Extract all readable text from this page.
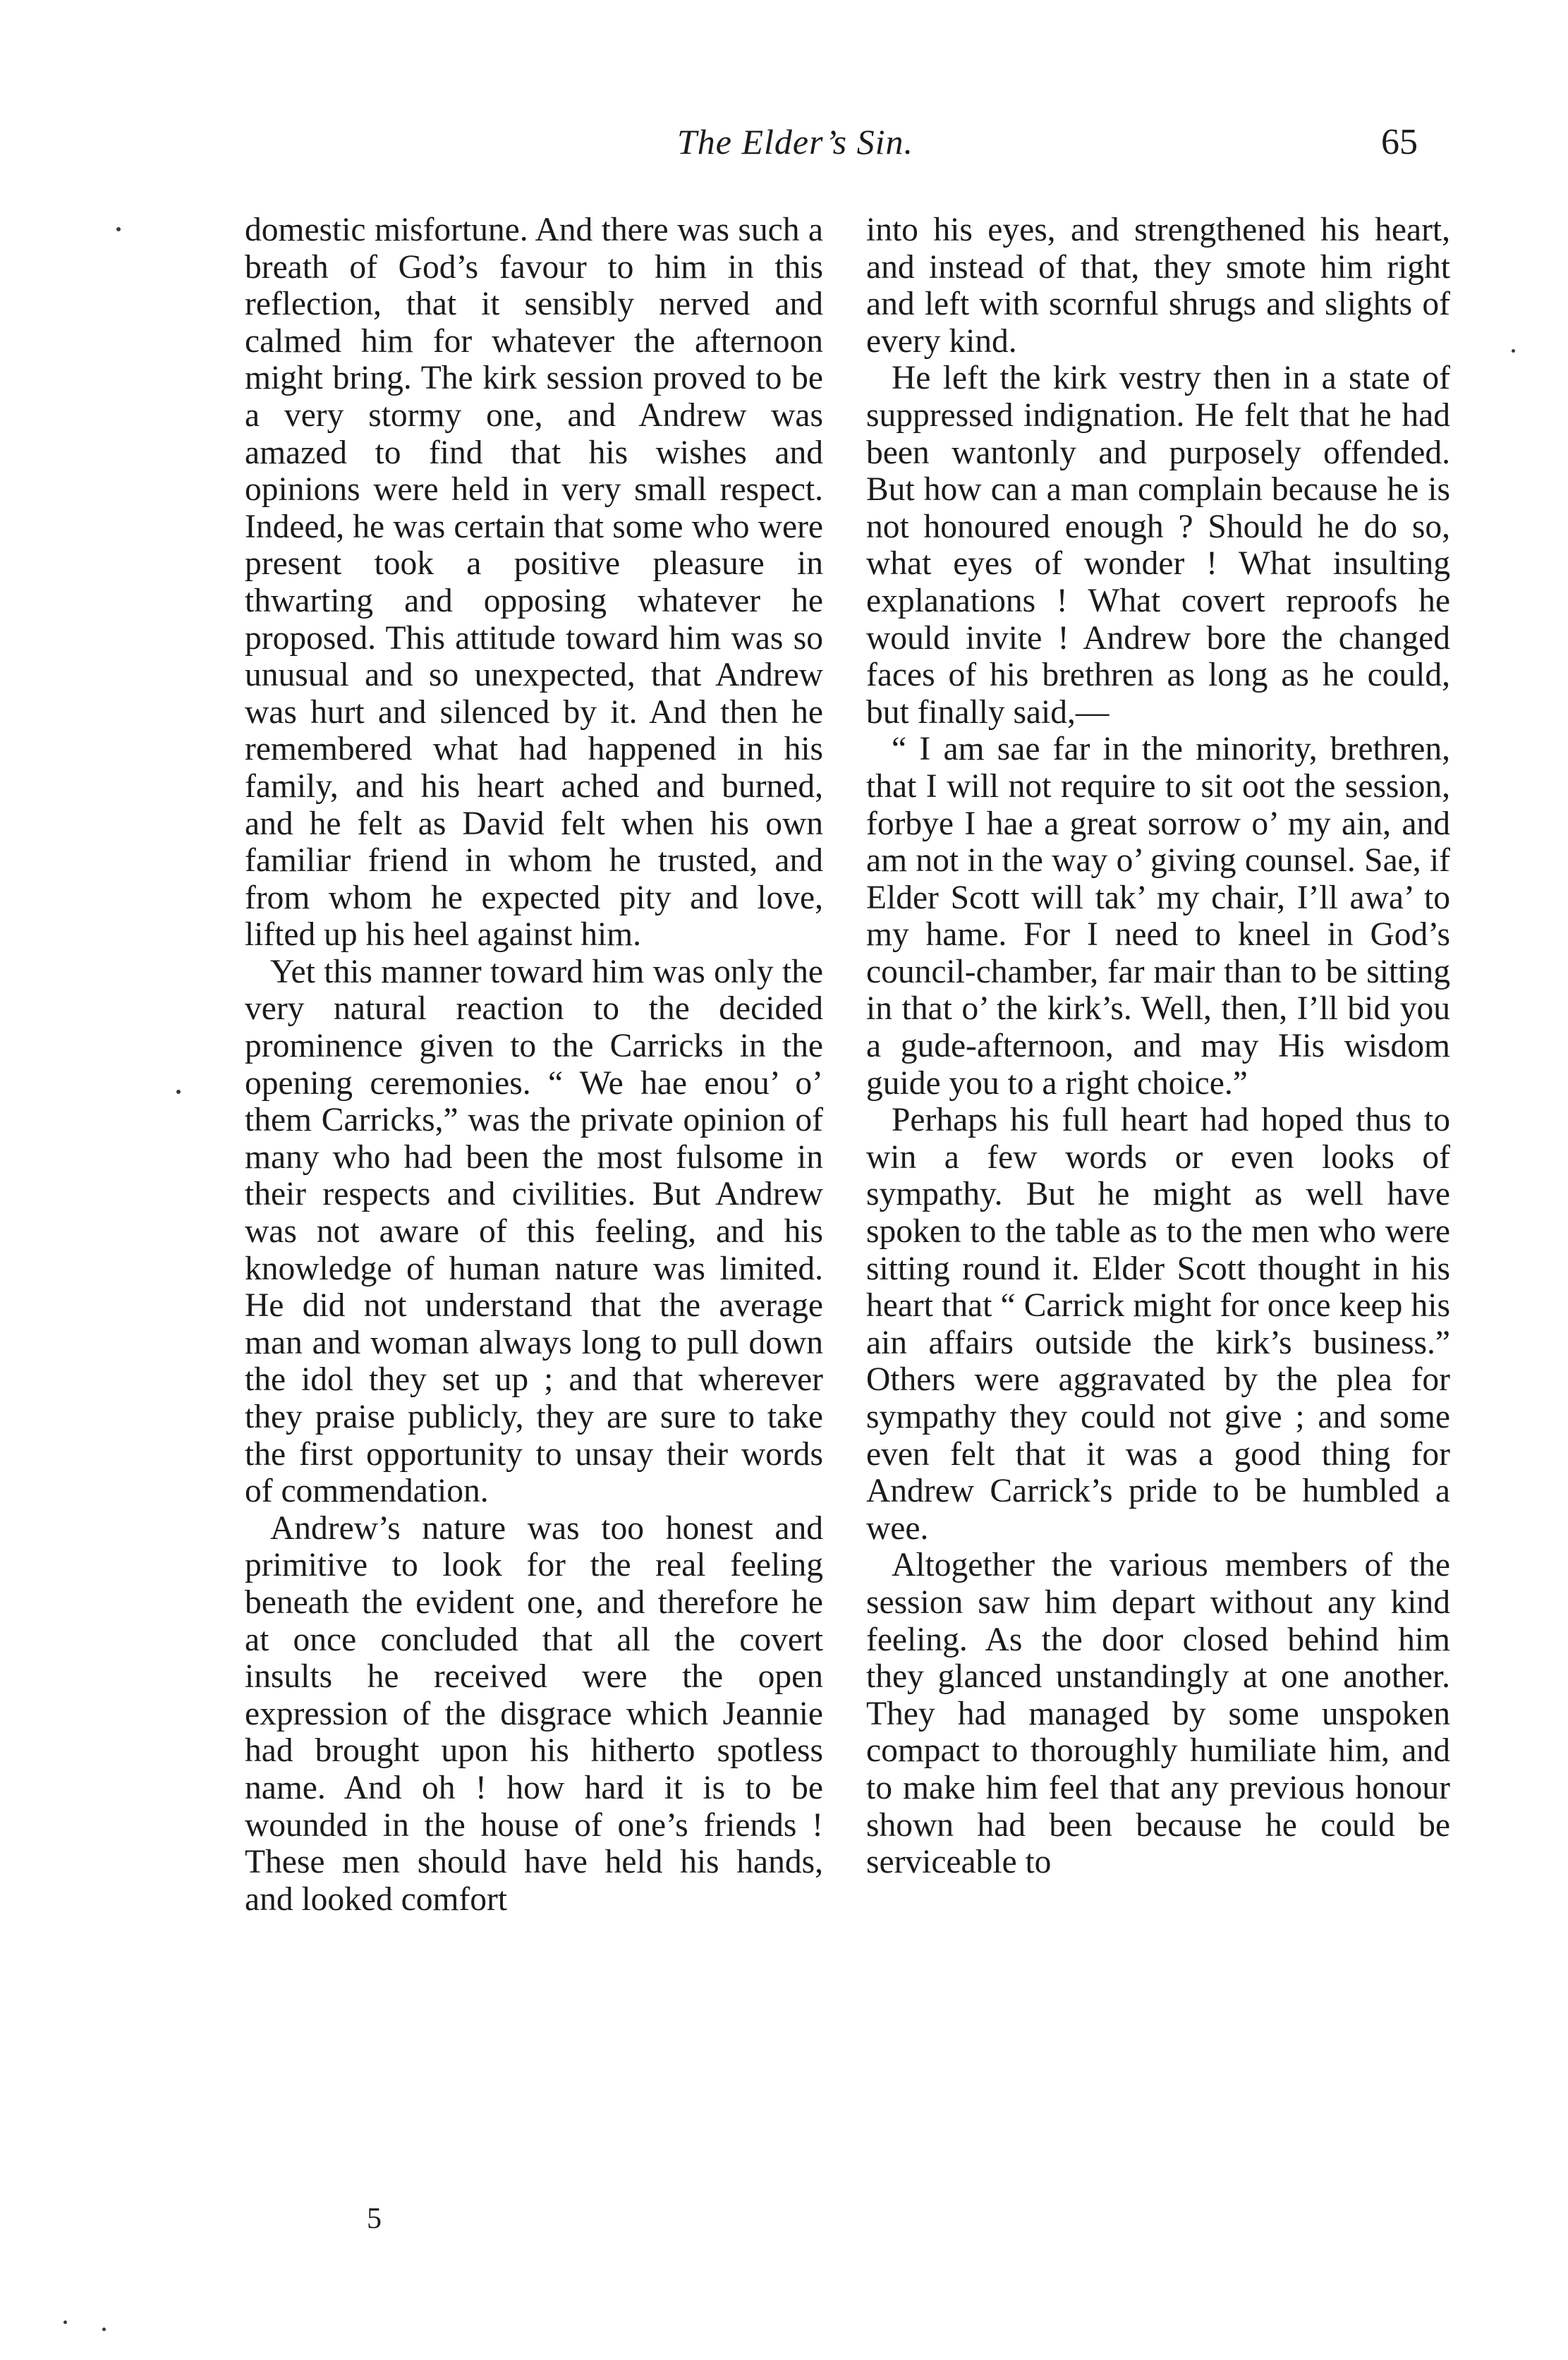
The Elder’s Sin.	65

domestic misfortune. And there was such a breath of God’s favour to him in this reflection, that it sensibly nerved and calmed him for whatever the afternoon might bring. The kirk session proved to be a very stormy one, and Andrew was amazed to find that his wishes and opinions were held in very small respect. Indeed, he was certain that some who were present took a positive pleasure in thwarting and opposing whatever he proposed. This attitude toward him was so unusual and so unexpected, that Andrew was hurt and silenced by it. And then he remembered what had happened in his family, and his heart ached and burned, and he felt as David felt when his own familiar friend in whom he trusted, and from whom he expected pity and love, lifted up his heel against him.

Yet this manner toward him was only the very natural reaction to the decided prominence given to the Carricks in the opening ceremonies. “ We hae enou’ o’ them Carricks,” was the private opinion of many who had been the most fulsome in their respects and civilities. But Andrew was not aware of this feeling, and his knowledge of human nature was limited. He did not understand that the average man and woman always long to pull down the idol they set up ; and that wherever they praise publicly, they are sure to take the first opportunity to unsay their words of commendation.

Andrew’s nature was too honest and primitive to look for the real feeling beneath the evident one, and therefore he at once concluded that all the covert insults he received were the open expression of the disgrace which Jeannie had brought upon his hitherto spotless name. And oh ! how hard it is to be wounded in the house of one’s friends ! These men should have held his hands, and looked comfort

into his eyes, and strengthened his heart, and instead of that, they smote him right and left with scornful shrugs and slights of every kind.

He left the kirk vestry then in a state of suppressed indignation. He felt that he had been wantonly and purposely offended. But how can a man complain because he is not honoured enough ? Should he do so, what eyes of wonder ! What insulting explanations ! What covert reproofs he would invite ! Andrew bore the changed faces of his brethren as long as he could, but finally said,—

“ I am sae far in the minority, brethren, that I will not require to sit oot the session, forbye I hae a great sorrow o’ my ain, and am not in the way o’ giving counsel. Sae, if Elder Scott will tak’ my chair, I’ll awa’ to my hame. For I need to kneel in God’s council-chamber, far mair than to be sitting in that o’ the kirk’s. Well, then, I’ll bid you a gude-afternoon, and may His wisdom guide you to a right choice.”

Perhaps his full heart had hoped thus to win a few words or even looks of sympathy. But he might as well have spoken to the table as to the men who were sitting round it. Elder Scott thought in his heart that “ Carrick might for once keep his ain affairs outside the kirk’s business.” Others were aggravated by the plea for sympathy they could not give ; and some even felt that it was a good thing for Andrew Carrick’s pride to be humbled a wee.

Altogether the various members of the session saw him depart without any kind feeling. As the door closed behind him they glanced unstandingly at one another. They had managed by some unspoken compact to thoroughly humiliate him, and to make him feel that any previous honour shown had been because he could be serviceable to

5
